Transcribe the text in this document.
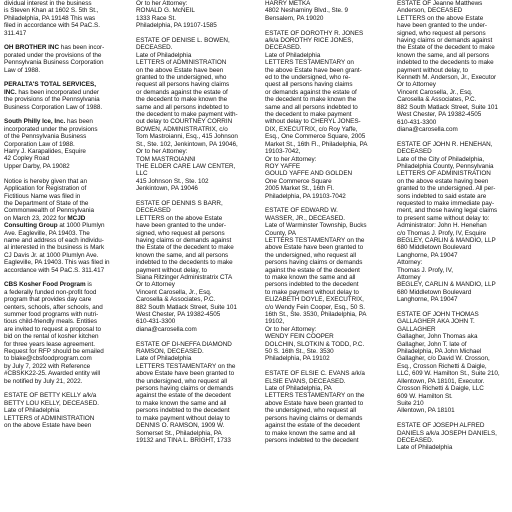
dividual interest in the business
is Steven Khan at 1602 S. 5th St.,
Philadelphia, PA 19148 This was
filed in accordance with 54 PaC.S.
311.417
OH BROTHER INC has been incor-
porated under the provisions of the
Pennsylvania Business Corporation
Law of 1988.
PERALTA'S TOTAL SERVICES,
INC. has been incorporated under
the provisions of the Pennsylvania
Business Corporation Law of 1988.
South Philly Ice, Inc. has been
incorporated under the provisions
of the Pennsylvania Business
Corporation Law of 1988.
Harry J. Karapalides, Esquire
42 Copley Road
Upper Darby, PA 19082
Notice is hereby given that an
Application for Registration of
Fictitious Name was filed in
the Department of State of the
Commonwealth of Pennsylvania
on March 23, 2022 for MCJD
Consulting Group at 1000 Plumlyn
Ave. Eagleville, PA 19403. The
name and address of each individu-
al interested in the business is Mark
CJ Davis Jr. at 1000 Plumlyn Ave.
Eagleville, PA 19403. This was filed in
accordance with 54 PaC.S. 311.417
CBS Kosher Food Program is
a federally funded non-profit food
program that provides day care
centers, schools, after schools, and
summer food programs with nutri-
tious child-friendly meals. Entities
are invited to request a proposal to
bid on the rental of kosher kitchen
for three years lease agreement.
Request for RFP should be emailed
to blake@cbsfoodprogram.com
by July 7, 2022 with Reference
#CBSKK22-25. Awarded entity will
be notified by July 21, 2022.
ESTATE OF BETTY KELLY a/k/a
BETTY LOU KELLY, DECEASED.
Late of Philadelphia
LETTERS of ADMINISTRATION
on the above Estate have been
Or to her Attorney:
RONALD G. McNEIL
1333 Race St.
Philadelphia, PA 19107-1585
ESTATE OF DENISE L. BOWEN,
DECEASED.
Late of Philadelphia
LETTERS of ADMINISTRATION
on the above Estate have been
granted to the undersigned, who
request all persons having claims
or demands against the estate of
the decedent to make known the
same and all persons indebted to
the decedent to make payment with-
out delay to COURTNEY CORRIN
BOWEN, ADMINISTRATRIX, c/o
Tom Mastroianni, Esq., 415 Johnson
St., Ste. 102, Jenkintown, PA 19046,
Or to her Attorney:
TOM MASTROIANNI
THE ELDER CARE LAW CENTER,
LLC
415 Johnson St., Ste. 102
Jenkintown, PA 19046
ESTATE OF DENNIS S BARR,
DECEASED
LETTERS on the above Estate
have been granted to the under-
signed, who request all persons
having claims or demands against
the Estate of the decedent to make
known the same, and all persons
indebted to the decedents to make
payment without delay, to
Siana Ritzinger Administratrix CTA
Or to Attorney
Vincent Carosella, Jr., Esq.
Carosella & Associates, P.C.
882 South Matlack Street, Suite 101
West Chester, PA 19382-4505
610-431-3300
diana@carosella.com
ESTATE OF DI-NEFFA DIAMOND
RAMSON, DECEASED.
Late of Philadelphia
LETTERS TESTAMENTARY on the
above Estate have been granted to
the undersigned, who request all
persons having claims or demands
against the estate of the decedent
to make known the same and all
persons indebted to the decedent
to make payment without delay to
DENNIS O. RAMSON, 1909 W.
Somerset St., Philadelphia, PA
19132 and TINA L. BRIGHT, 1733
HARRY METKA
4802 Neshaminy Blvd., Ste. 9
Bensalem, PA 19020
ESTATE OF DOROTHY R. JONES
a/k/a DOROTHY RICE JONES,
DECEASED.
Late of Philadelphia
LETTERS TESTAMENTARY on
the above Estate have been grant-
ed to the undersigned, who re-
quest all persons having claims
or demands against the estate of
the decedent to make known the
same and all persons indebted to
the decedent to make payment
without delay to CHERYL JONES-
DIX, EXECUTRIX, c/o Roy Yaffe,
Esq., One Commerce Square, 2005
Market St., 16th Fl., Philadelphia, PA
19103-7042,
Or to her Attorney:
ROY YAFFE
GOULD YAFFE AND GOLDEN
One Commerce Square
2005 Market St., 16th Fl.
Philadelphia, PA 19103-7042
ESTATE OF EDWARD W.
WASSER, JR., DECEASED.
Late of Warminster Township, Bucks
County, PA
LETTERS TESTAMENTARY on the
above Estate have been granted to
the undersigned, who request all
persons having claims or demands
against the estate of the decedent
to make known the same and all
persons indebted to the decedent
to make payment without delay to
ELIZABETH DOYLE, EXECUTRIX,
c/o Wendy Fein Cooper, Esq., 50 S.
16th St., Ste. 3530, Philadelphia, PA
19102,
Or to her Attorney:
WENDY FEIN COOPER
DOLCHIN, SLOTKIN & TODD, P.C.
50 S. 16th St., Ste. 3530
Philadelphia, PA 19102
ESTATE OF ELSIE C. EVANS a/k/a
ELSIE EVANS, DECEASED.
Late of Philadelphia, PA
LETTERS TESTAMENTARY on the
above Estate have been granted to
the undersigned, who request all
persons having claims or demands
against the estate of the decedent
to make known the same and all
persons indebted to the decedent
ESTATE OF Jeanne Matthews
Anderson, DECEASED
LETTERS on the above Estate
have been granted to the under-
signed, who request all persons
having claims or demands against
the Estate of the decedent to make
known the same, and all persons
indebted to the decedents to make
payment without delay, to
Kenneth M. Anderson, Jr., Executor
Or to Attorney
Vincent Carosella, Jr., Esq.
Carosella & Associates, P.C.
882 South Matlack Street, Suite 101
West Chester, PA 19382-4505
610-431-3300
diana@carosella.com
ESTATE OF JOHN R. HENEHAN,
DECEASED
Late of the City of Philadelphia,
Philadelphia County, Pennsylvania
LETTERS OF ADMINISTRATION
on the above estate having been
granted to the undersigned. All per-
sons indebted to said estate are
requested to make immediate pay-
ment, and those having legal claims
to present same without delay to:
Administrator: John H. Henehan
c/o Thomas J. Profy, IV, Esquire
BEGLEY, CARLIN & MANDIO, LLP
680 Middletown Boulevard
Langhorne, PA 19047
Attorney:
Thomas J. Profy, IV,
Attorney
BEGLEY, CARLIN & MANDIO, LLP
680 Middletown Boulevard
Langhorne, PA 19047
ESTATE OF JOHN THOMAS
GALLAGHER AKA JOHN T.
GALLAGHER
Gallagher, John Thomas aka
Gallagher, John T. late of
Philadelphia, PA John Michael
Gallagher, c/o David W. Crosson,
Esq., Crosson Richetti & Daigle,
LLC, 609 W. Hamilton St., Suite 210,
Allentown, PA 18101, Executor.
Crosson Richetti & Daigle, LLC
609 W. Hamilton St.
Suite 210
Allentown, PA 18101
ESTATE OF JOSEPH ALFRED
DANIELS a/k/a JOSEPH DANIELS,
DECEASED.
Late of Philadelphia
